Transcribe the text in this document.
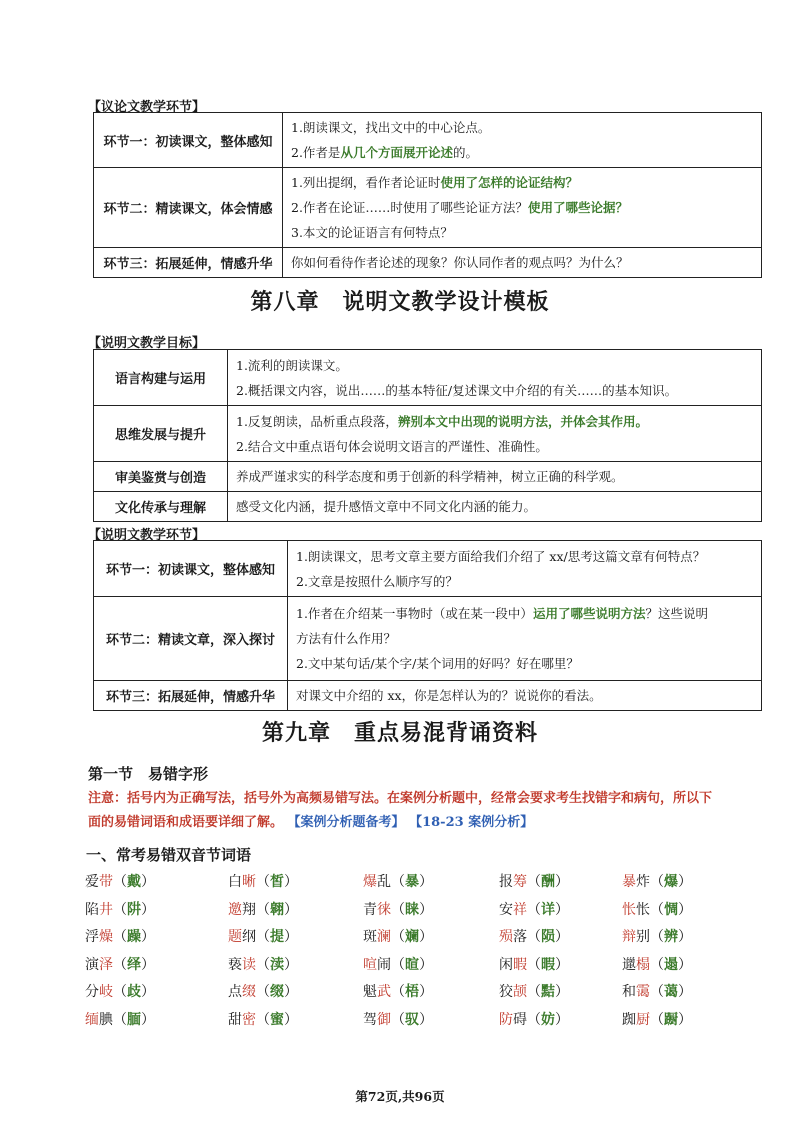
【议论文教学环节】
环节一：初读课文，整体感知	1.朗读课文，找出文中的中心论点。
2.作者是从几个方面展开论述的。

环节二：精读课文，体会情感	1.列出提纲，看作者论证时使用了怎样的论证结构？
2.作者在论证……时使用了哪些论证方法？使用了哪些论据？
3.本文的论证语言有何特点？

环节三：拓展延伸，情感升华	你如何看待作者论述的现象？你认同作者的观点吗？为什么？
第八章　说明文教学设计模板
【说明文教学目标】
语言构建与运用	1.流利的朗读课文。
2.概括课文内容，说出……的基本特征/复述课文中介绍的有关……的基本知识。

思维发展与提升	1.反复朗读，品析重点段落，辨别本文中出现的说明方法，并体会其作用。
2.结合文中重点语句体会说明文语言的严谨性、准确性。

审美鉴赏与创造	养成严谨求实的科学态度和勇于创新的科学精神，树立正确的科学观。

文化传承与理解	感受文化内涵，提升感悟文章中不同文化内涵的能力。
【说明文教学环节】
环节一：初读课文，整体感知	1.朗读课文，思考文章主要方面给我们介绍了 xx/思考这篇文章有何特点？
2.文章是按照什么顺序写的？

环节二：精读文章，深入探讨	1.作者在介绍某一事物时（或在某一段中）运用了哪些说明方法？这些说明
方法有什么作用？
2.文中某句话/某个字/某个词用的好吗？好在哪里？

环节三：拓展延伸，情感升华	对课文中介绍的 xx，你是怎样认为的？说说你的看法。
第九章　重点易混背诵资料
第一节　易错字形
注意：括号内为正确写法，括号外为高频易错写法。在案例分析题中，经常会要求考生找错字和病句，所以下
面的易错词语和成语要详细了解。 【案例分析题备考】 【18-23 案例分析】
一、常考易错双音节词语
爱带（戴）	白晰（皙）	爆乱（暴）	报筹（酬）	暴炸（爆）
陷井（阱）	邀翔（翱）	青徕（睐）	安祥（详）	怅怅（惆）
浮燥（躁）	题纲（提）	斑澜（斓）	殒落（陨）	辩别（辨）
演泽（绎）	亵读（渎）	喧闹（暄）	闲暇（暇）	邋榻（遢）
分岐（歧）	点缀（缀）	魁武（梧）	狡颉（黠）	和霭（蔼）
缅腆（腼）	甜密（蜜）	驾御（驭）	防碍（妨）	踟厨（蹰）
第72页,共96页
